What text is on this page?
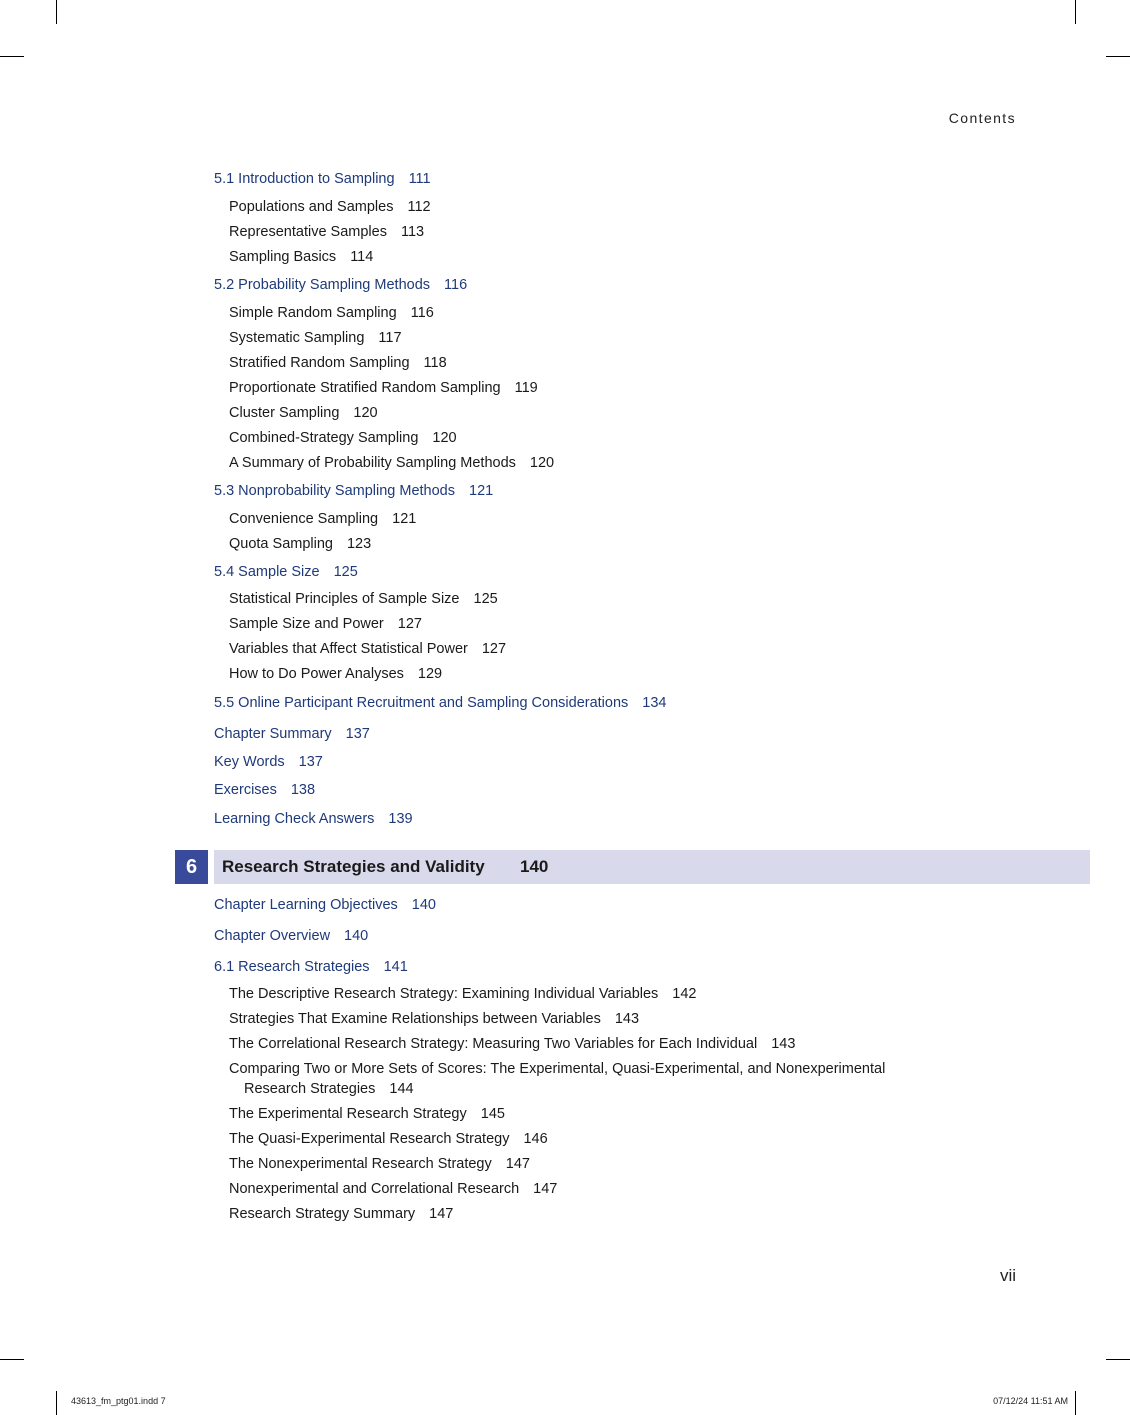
Contents
5.1 Introduction to Sampling 111
Populations and Samples 112
Representative Samples 113
Sampling Basics 114
5.2 Probability Sampling Methods 116
Simple Random Sampling 116
Systematic Sampling 117
Stratified Random Sampling 118
Proportionate Stratified Random Sampling 119
Cluster Sampling 120
Combined-Strategy Sampling 120
A Summary of Probability Sampling Methods 120
5.3 Nonprobability Sampling Methods 121
Convenience Sampling 121
Quota Sampling 123
5.4 Sample Size 125
Statistical Principles of Sample Size 125
Sample Size and Power 127
Variables that Affect Statistical Power 127
How to Do Power Analyses 129
5.5 Online Participant Recruitment and Sampling Considerations 134
Chapter Summary 137
Key Words 137
Exercises 138
Learning Check Answers 139
6	Research Strategies and Validity 140
Chapter Learning Objectives 140
Chapter Overview 140
6.1 Research Strategies 141
The Descriptive Research Strategy: Examining Individual Variables 142
Strategies That Examine Relationships between Variables 143
The Correlational Research Strategy: Measuring Two Variables for Each Individual 143
Comparing Two or More Sets of Scores: The Experimental, Quasi-Experimental, and Nonexperimental
Research Strategies 144
The Experimental Research Strategy 145
The Quasi-Experimental Research Strategy 146
The Nonexperimental Research Strategy 147
Nonexperimental and Correlational Research 147
Research Strategy Summary 147
vii
43613_fm_ptg01.indd 7	07/12/24 11:51 AM
